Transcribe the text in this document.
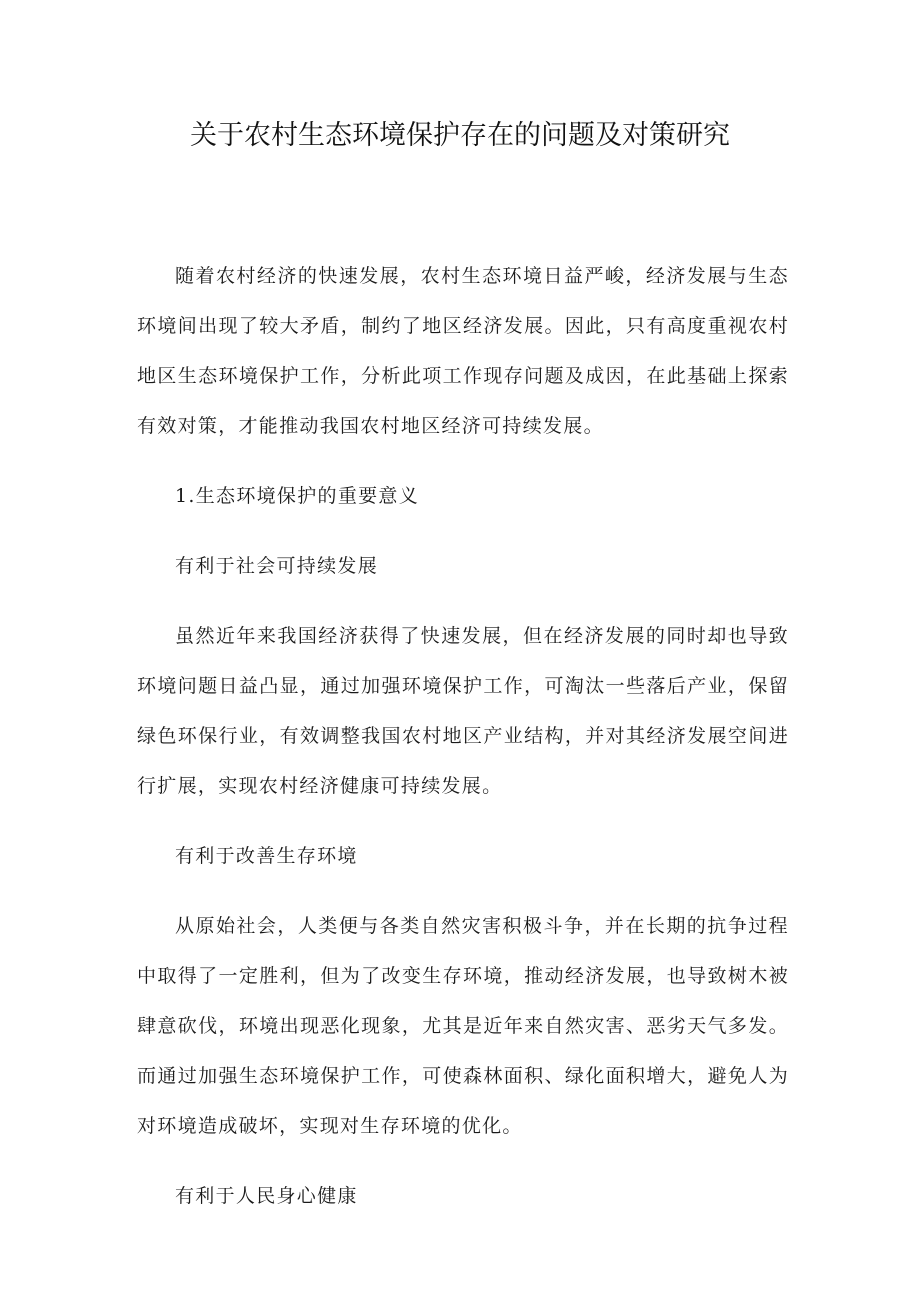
关于农村生态环境保护存在的问题及对策研究

随着农村经济的快速发展，农村生态环境日益严峻，经济发展与生态环境间出现了较大矛盾，制约了地区经济发展。因此，只有高度重视农村地区生态环境保护工作，分析此项工作现存问题及成因，在此基础上探索有效对策，才能推动我国农村地区经济可持续发展。

1.生态环境保护的重要意义

有利于社会可持续发展

虽然近年来我国经济获得了快速发展，但在经济发展的同时却也导致环境问题日益凸显，通过加强环境保护工作，可淘汰一些落后产业，保留绿色环保行业，有效调整我国农村地区产业结构，并对其经济发展空间进行扩展，实现农村经济健康可持续发展。

有利于改善生存环境

从原始社会，人类便与各类自然灾害积极斗争，并在长期的抗争过程中取得了一定胜利，但为了改变生存环境，推动经济发展，也导致树木被肆意砍伐，环境出现恶化现象，尤其是近年来自然灾害、恶劣天气多发。而通过加强生态环境保护工作，可使森林面积、绿化面积增大，避免人为对环境造成破坏，实现对生存环境的优化。

有利于人民身心健康
